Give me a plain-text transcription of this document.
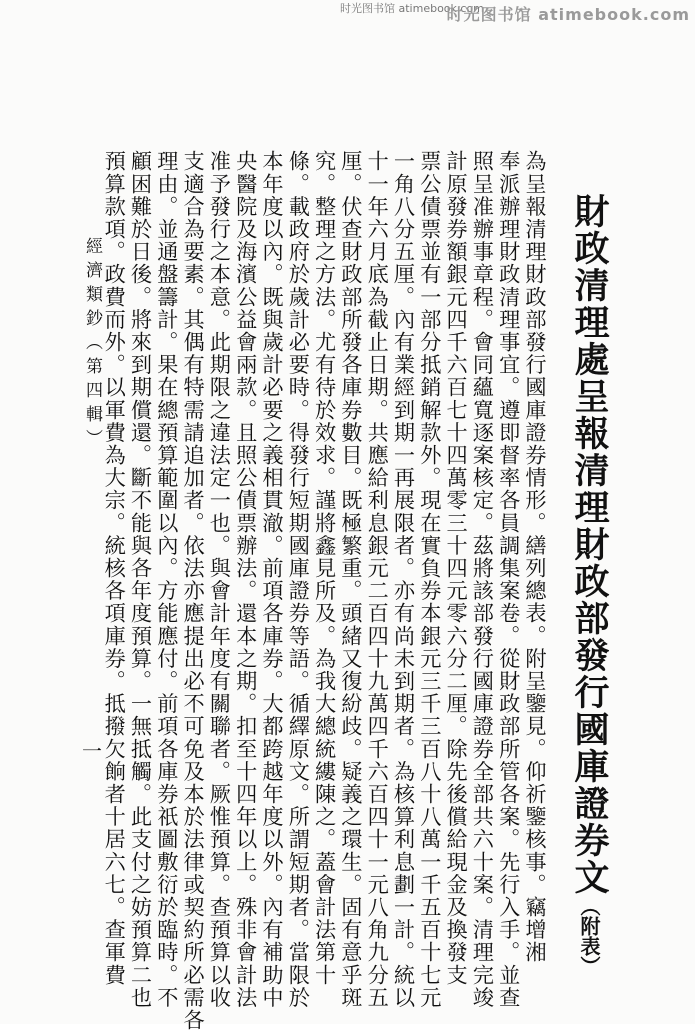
时光图书馆 atimebook.com
时光图书馆 atimebook.com
財政清理處呈報清理財政部發行國庫證券文（附表）
為呈報清理財政部發行國庫證券情形。繕列總表。附呈鑒見。仰祈鑒核事。竊增湘
奉派辦理財政清理事宜。遵即督率各員調集案卷。從財政部所管各案。先行入手。並查
照呈准辦事章程。會同蘊寬逐案核定。茲將該部發行國庫證券全部共六十案。清理完竣
計原發券額銀元四千六百七十四萬零三十四元零六分二厘。除先後償給現金及換發支
票公債票並有一部分抵銷解款外。現在實負券本銀元三千三百八十八萬一千五百十七元
一角八分五厘。內有業經到期一再展限者。亦有尚未到期者。為核算利息劃一計。統以
十一年六月底為截止日期。共應給利息銀元二百四十九萬四千六百四十一元八角九分五
厘。伏查財政部所發各庫券數目。既極繁重。頭緒又復紛歧。疑義之環生。固有意乎斑
究。整理之方法。尤有待於效求。謹將鑫見所及。為我大總統縷陳之。蓋會計法第十
條。載政府於歲計必要時。得發行短期國庫證券等語。循繹原文。所謂短期者。當限於
本年度以內。既與歲計必要之義相貫澈。前項各庫券。大都跨越年度以外。內有補助中
央醫院及海濱公益會兩款。且照公債票辦法。還本之期。扣至十四年以上。殊非會計法
准予發行之本意。此期限之違法定一也。與會計年度有關聯者。厥惟預算。查預算以收
支適合為要素。其偶有特需請追加者。依法亦應提出必不可免及本於法律或契約所必需各
理由。並通盤籌計。果在總預算範圍以內。方能應付。前項各庫券祇圖敷衍於臨時。不
顧困難於日後。將來到期償還。斷不能與各年度預算。一無抵觸。此支付之妨預算二也
預算款項。政費而外。以軍費為大宗。統核各項庫券。抵撥欠餉者十居六七。查軍費
經濟類鈔（第四輯）
一
